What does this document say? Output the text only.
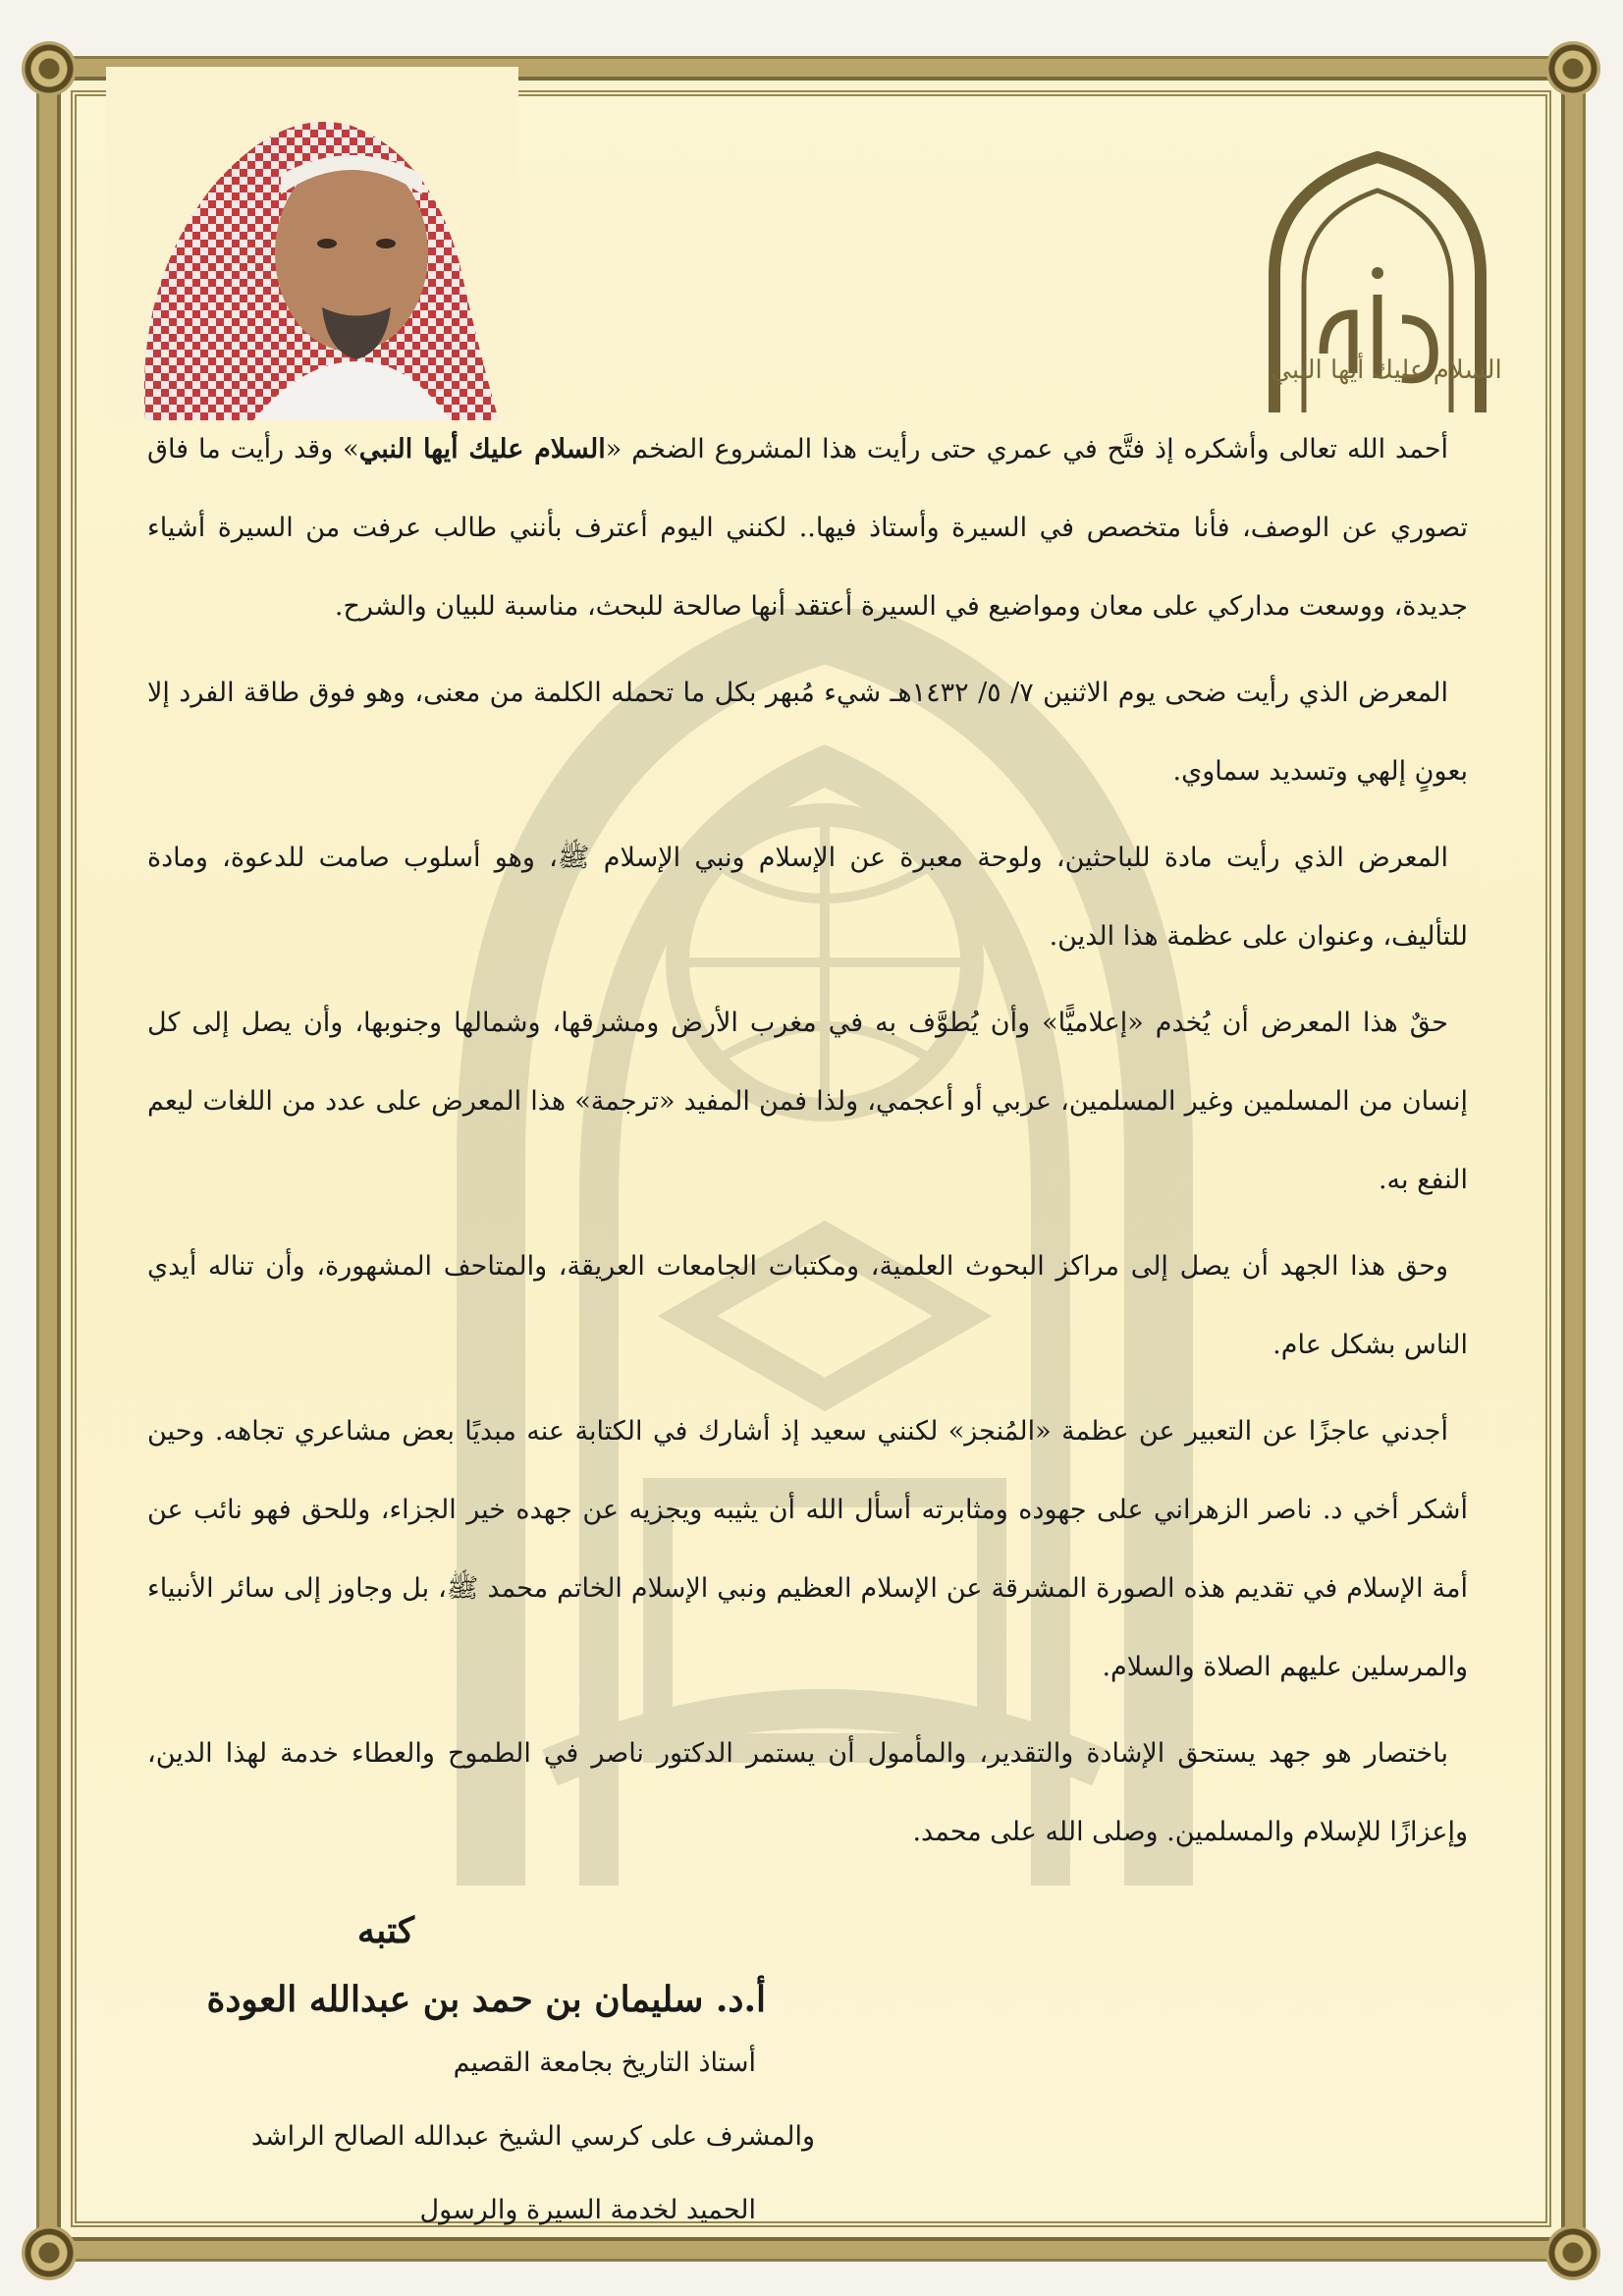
السلام عليك أيها النبي

أحمد الله تعالى وأشكره إذ فتَّح في عمري حتى رأيت هذا المشروع الضخم «السلام عليك أيها النبي» وقد رأيت ما فاق تصوري عن الوصف، فأنا متخصص في السيرة وأستاذ فيها.. لكنني اليوم أعترف بأنني طالب عرفت من السيرة أشياء جديدة، ووسعت مداركي على معان ومواضيع في السيرة أعتقد أنها صالحة للبحث، مناسبة للبيان والشرح.

المعرض الذي رأيت ضحى يوم الاثنين ٧/ ٥/ ١٤٣٢هـ شيء مُبهر بكل ما تحمله الكلمة من معنى، وهو فوق طاقة الفرد إلا بعونٍ إلهي وتسديد سماوي.

المعرض الذي رأيت مادة للباحثين، ولوحة معبرة عن الإسلام ونبي الإسلام ﷺ، وهو أسلوب صامت للدعوة، ومادة للتأليف، وعنوان على عظمة هذا الدين.

حقٌ هذا المعرض أن يُخدم «إعلاميًّا» وأن يُطوَّف به في مغرب الأرض ومشرقها، وشمالها وجنوبها، وأن يصل إلى كل إنسان من المسلمين وغير المسلمين، عربي أو أعجمي، ولذا فمن المفيد «ترجمة» هذا المعرض على عدد من اللغات ليعم النفع به.

وحق هذا الجهد أن يصل إلى مراكز البحوث العلمية، ومكتبات الجامعات العريقة، والمتاحف المشهورة، وأن تناله أيدي الناس بشكل عام.

أجدني عاجزًا عن التعبير عن عظمة «المُنجز» لكنني سعيد إذ أشارك في الكتابة عنه مبديًا بعض مشاعري تجاهه. وحين أشكر أخي د. ناصر الزهراني على جهوده ومثابرته أسأل الله أن يثيبه ويجزيه عن جهده خير الجزاء، وللحق فهو نائب عن أمة الإسلام في تقديم هذه الصورة المشرقة عن الإسلام العظيم ونبي الإسلام الخاتم محمد ﷺ، بل وجاوز إلى سائر الأنبياء والمرسلين عليهم الصلاة والسلام.

باختصار هو جهد يستحق الإشادة والتقدير، والمأمول أن يستمر الدكتور ناصر في الطموح والعطاء خدمة لهذا الدين، وإعزازًا للإسلام والمسلمين. وصلى الله على محمد.

كتبه
أ.د. سليمان بن حمد بن عبدالله العودة
أستاذ التاريخ بجامعة القصيم
والمشرف على كرسي الشيخ عبدالله الصالح الراشد
الحميد لخدمة السيرة والرسول
